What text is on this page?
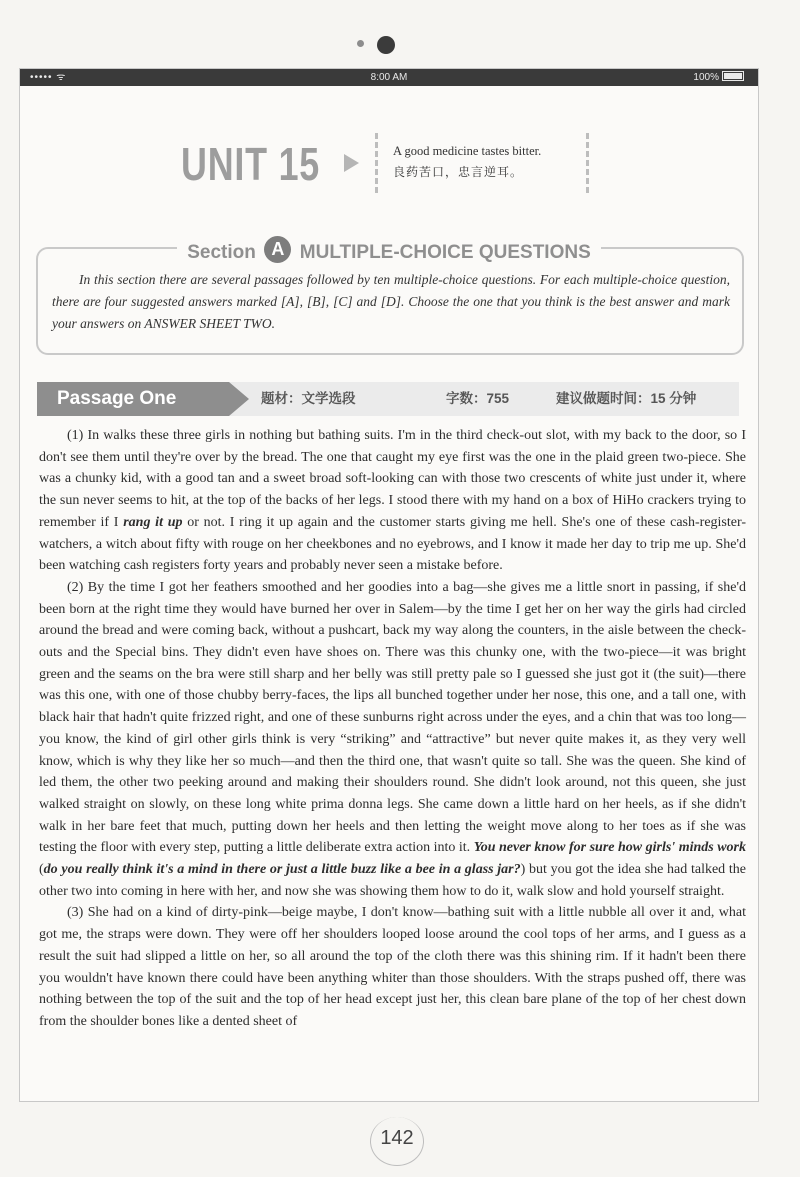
••••• ᯤ	8:00 AM	100%
UNIT 15	A good medicine tastes bitter.
良药苦口，忠言逆耳。
Section A MULTIPLE-CHOICE QUESTIONS
In this section there are several passages followed by ten multiple-choice questions. For each multiple-choice question, there are four suggested answers marked [A], [B], [C] and [D]. Choose the one that you think is the best answer and mark your answers on ANSWER SHEET TWO.
Passage One	题材：文学选段	字数：755	建议做题时间：15 分钟

(1) In walks these three girls in nothing but bathing suits. I'm in the third check-out slot, with my back to the door, so I don't see them until they're over by the bread. The one that caught my eye first was the one in the plaid green two-piece. She was a chunky kid, with a good tan and a sweet broad soft-looking can with those two crescents of white just under it, where the sun never seems to hit, at the top of the backs of her legs. I stood there with my hand on a box of HiHo crackers trying to remember if I rang it up or not. I ring it up again and the customer starts giving me hell. She's one of these cash-register-watchers, a witch about fifty with rouge on her cheekbones and no eyebrows, and I know it made her day to trip me up. She'd been watching cash registers forty years and probably never seen a mistake before.

(2) By the time I got her feathers smoothed and her goodies into a bag—she gives me a little snort in passing, if she'd been born at the right time they would have burned her over in Salem—by the time I get her on her way the girls had circled around the bread and were coming back, without a pushcart, back my way along the counters, in the aisle between the check-outs and the Special bins. They didn't even have shoes on. There was this chunky one, with the two-piece—it was bright green and the seams on the bra were still sharp and her belly was still pretty pale so I guessed she just got it (the suit)—there was this one, with one of those chubby berry-faces, the lips all bunched together under her nose, this one, and a tall one, with black hair that hadn't quite frizzed right, and one of these sunburns right across under the eyes, and a chin that was too long—you know, the kind of girl other girls think is very “striking” and “attractive” but never quite makes it, as they very well know, which is why they like her so much—and then the third one, that wasn't quite so tall. She was the queen. She kind of led them, the other two peeking around and making their shoulders round. She didn't look around, not this queen, she just walked straight on slowly, on these long white prima donna legs. She came down a little hard on her heels, as if she didn't walk in her bare feet that much, putting down her heels and then letting the weight move along to her toes as if she was testing the floor with every step, putting a little deliberate extra action into it. You never know for sure how girls' minds work (do you really think it's a mind in there or just a little buzz like a bee in a glass jar?) but you got the idea she had talked the other two into coming in here with her, and now she was showing them how to do it, walk slow and hold yourself straight.

(3) She had on a kind of dirty-pink—beige maybe, I don't know—bathing suit with a little nubble all over it and, what got me, the straps were down. They were off her shoulders looped loose around the cool tops of her arms, and I guess as a result the suit had slipped a little on her, so all around the top of the cloth there was this shining rim. If it hadn't been there you wouldn't have known there could have been anything whiter than those shoulders. With the straps pushed off, there was nothing between the top of the suit and the top of her head except just her, this clean bare plane of the top of her chest down from the shoulder bones like a dented sheet of

142
